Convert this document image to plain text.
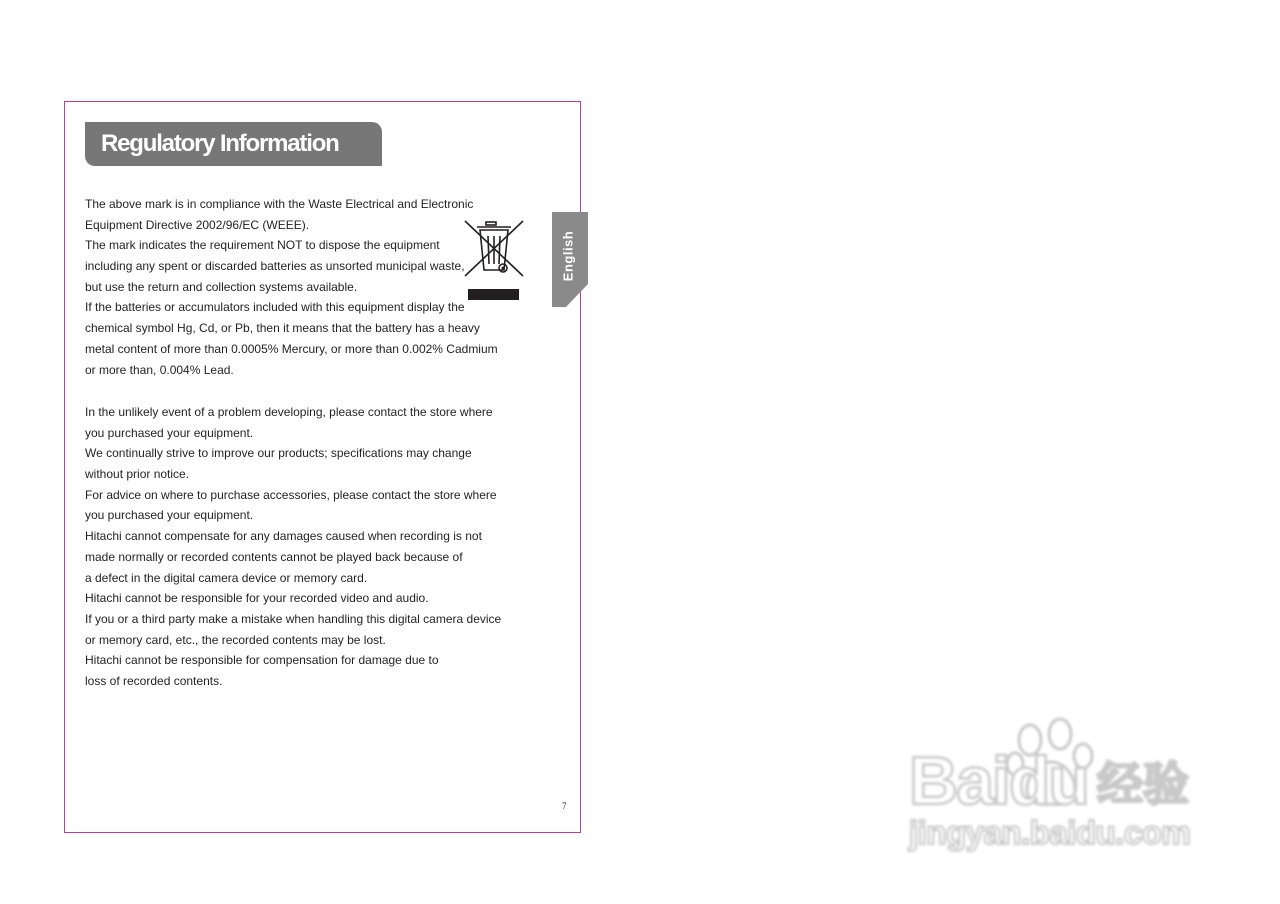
Regulatory Information
English
The above mark is in compliance with the Waste Electrical and Electronic
Equipment Directive 2002/96/EC (WEEE).
The mark indicates the requirement NOT to dispose the equipment
including any spent or discarded batteries as unsorted municipal waste,
but use the return and collection systems available.
If the batteries or accumulators included with this equipment display the
chemical symbol Hg, Cd, or Pb, then it means that the battery has a heavy
metal content of more than 0.0005% Mercury, or more than 0.002% Cadmium
or more than, 0.004% Lead.
In the unlikely event of a problem developing, please contact the store where
you purchased your equipment.
We continually strive to improve our products; specifications may change
without prior notice.
For advice on where to purchase accessories, please contact the store where
you purchased your equipment.
Hitachi cannot compensate for any damages caused when recording is not
made normally or recorded contents cannot be played back because of
a defect in the digital camera device or memory card.
Hitachi cannot be responsible for your recorded video and audio.
If you or a third party make a mistake when handling this digital camera device
or memory card, etc., the recorded contents may be lost.
Hitachi cannot be responsible for compensation for damage due to
loss of recorded contents.
7	Baidu 经验
jingyan.baidu.com
